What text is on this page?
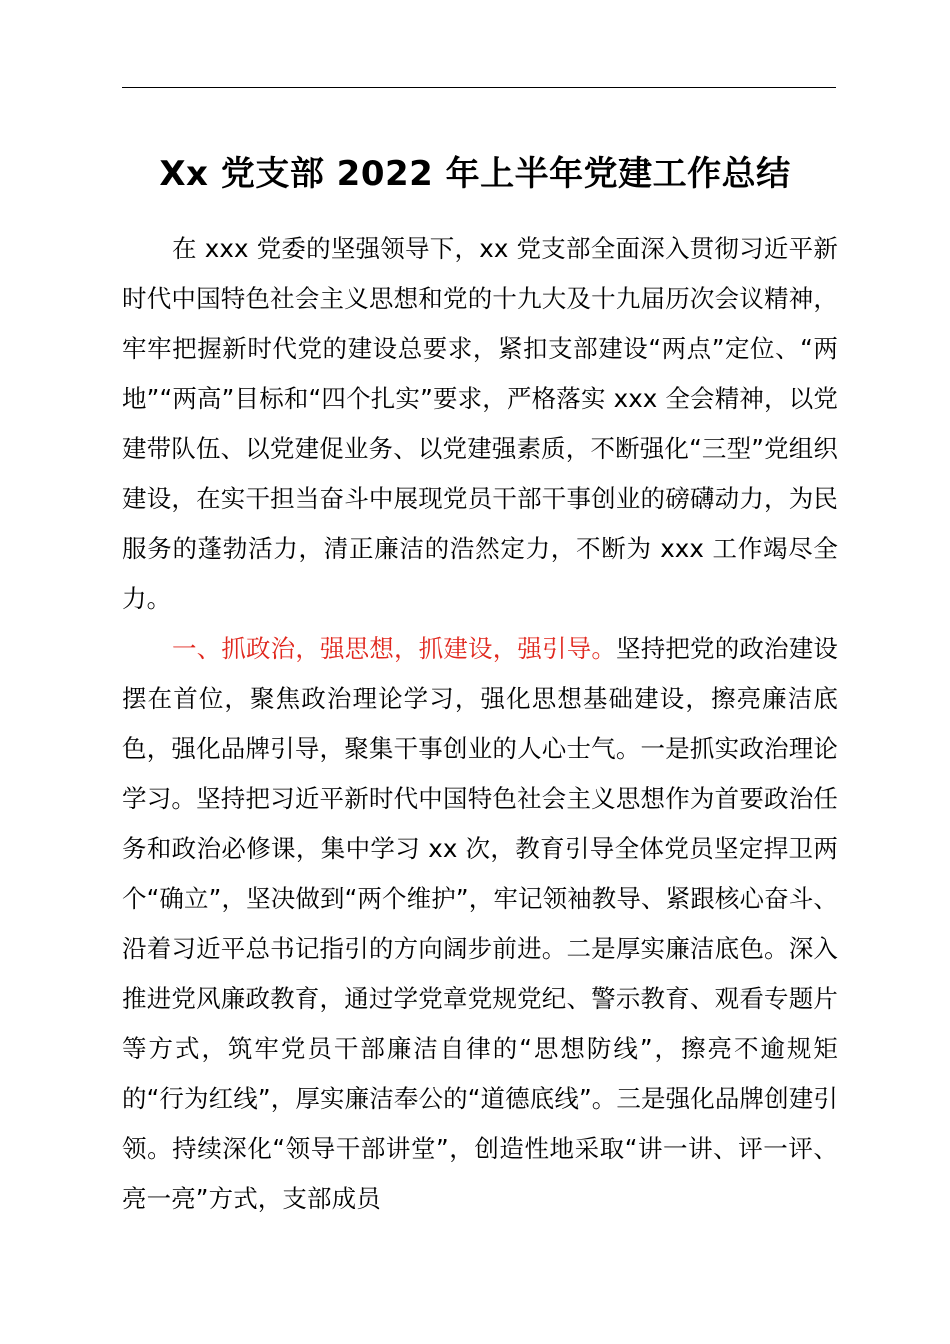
Xx 党支部 2022 年上半年党建工作总结

在 xxx 党委的坚强领导下，xx 党支部全面深入贯彻习近平新时代中国特色社会主义思想和党的十九大及十九届历次会议精神，牢牢把握新时代党的建设总要求，紧扣支部建设“两点”定位、“两地”“两高”目标和“四个扎实”要求，严格落实 xxx 全会精神，以党建带队伍、以党建促业务、以党建强素质，不断强化“三型”党组织建设，在实干担当奋斗中展现党员干部干事创业的磅礴动力，为民服务的蓬勃活力，清正廉洁的浩然定力，不断为 xxx 工作竭尽全力。

一、抓政治，强思想，抓建设，强引导。坚持把党的政治建设摆在首位，聚焦政治理论学习，强化思想基础建设，擦亮廉洁底色，强化品牌引导，聚集干事创业的人心士气。一是抓实政治理论学习。坚持把习近平新时代中国特色社会主义思想作为首要政治任务和政治必修课，集中学习 xx 次，教育引导全体党员坚定捍卫两个“确立”，坚决做到“两个维护”，牢记领袖教导、紧跟核心奋斗、沿着习近平总书记指引的方向阔步前进。二是厚实廉洁底色。深入推进党风廉政教育，通过学党章党规党纪、警示教育、观看专题片等方式，筑牢党员干部廉洁自律的“思想防线”，擦亮不逾规矩的“行为红线”，厚实廉洁奉公的“道德底线”。三是强化品牌创建引领。持续深化“领导干部讲堂”，创造性地采取“讲一讲、评一评、亮一亮”方式，支部成员
